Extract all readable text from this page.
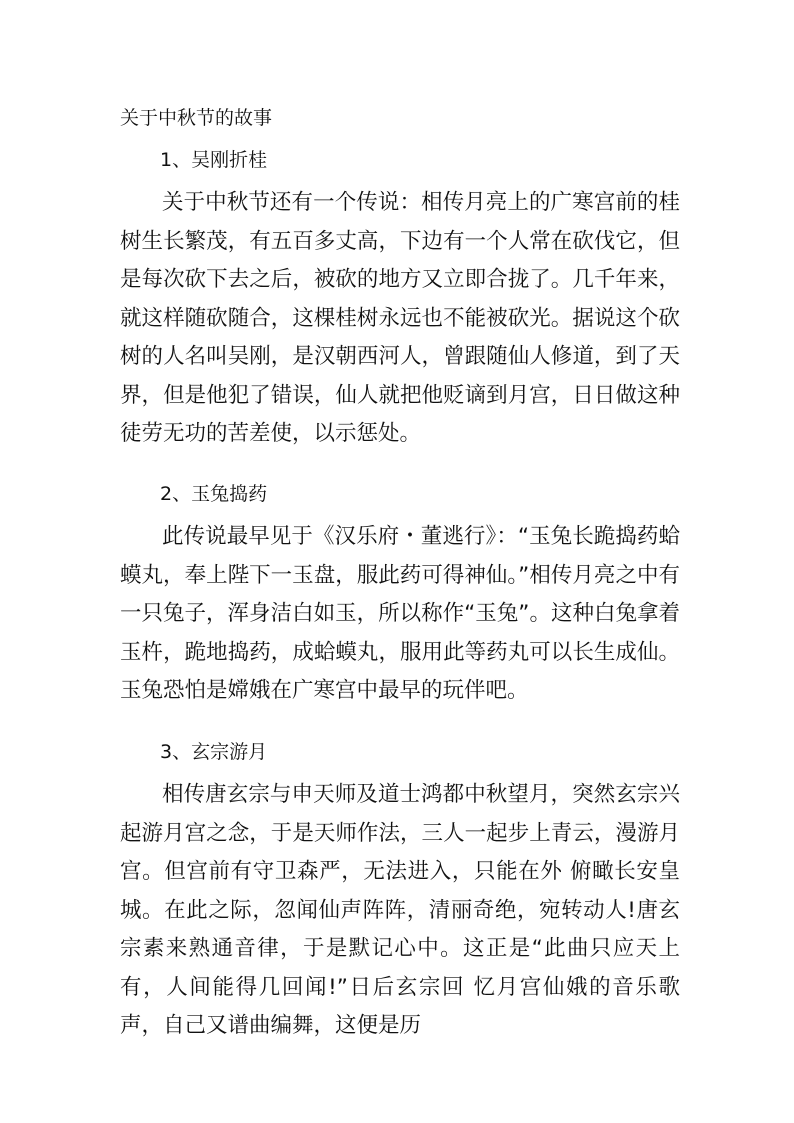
关于中秋节的故事
1、吴刚折桂
关于中秋节还有一个传说：相传月亮上的广寒宫前的桂树生长繁茂，有五百多丈高，下边有一个人常在砍伐它，但是每次砍下去之后，被砍的地方又立即合拢了。几千年来，就这样随砍随合，这棵桂树永远也不能被砍光。据说这个砍树的人名叫吴刚，是汉朝西河人，曾跟随仙人修道，到了天界，但是他犯了错误，仙人就把他贬谪到月宫，日日做这种徒劳无功的苦差使，以示惩处。
2、玉兔捣药
此传说最早见于《汉乐府・董逃行》：“玉兔长跪捣药蛤蟆丸，奉上陛下一玉盘，服此药可得神仙。”相传月亮之中有一只兔子，浑身洁白如玉，所以称作“玉兔”。这种白兔拿着玉杵，跪地捣药，成蛤蟆丸，服用此等药丸可以长生成仙。玉兔恐怕是嫦娥在广寒宫中最早的玩伴吧。
3、玄宗游月
相传唐玄宗与申天师及道士鸿都中秋望月，突然玄宗兴起游月宫之念，于是天师作法，三人一起步上青云，漫游月宫。但宫前有守卫森严，无法进入，只能在外 俯瞰长安皇城。在此之际，忽闻仙声阵阵，清丽奇绝，宛转动人!唐玄宗素来熟通音律，于是默记心中。这正是“此曲只应天上有，人间能得几回闻!”日后玄宗回 忆月宫仙娥的音乐歌声，自己又谱曲编舞，这便是历
